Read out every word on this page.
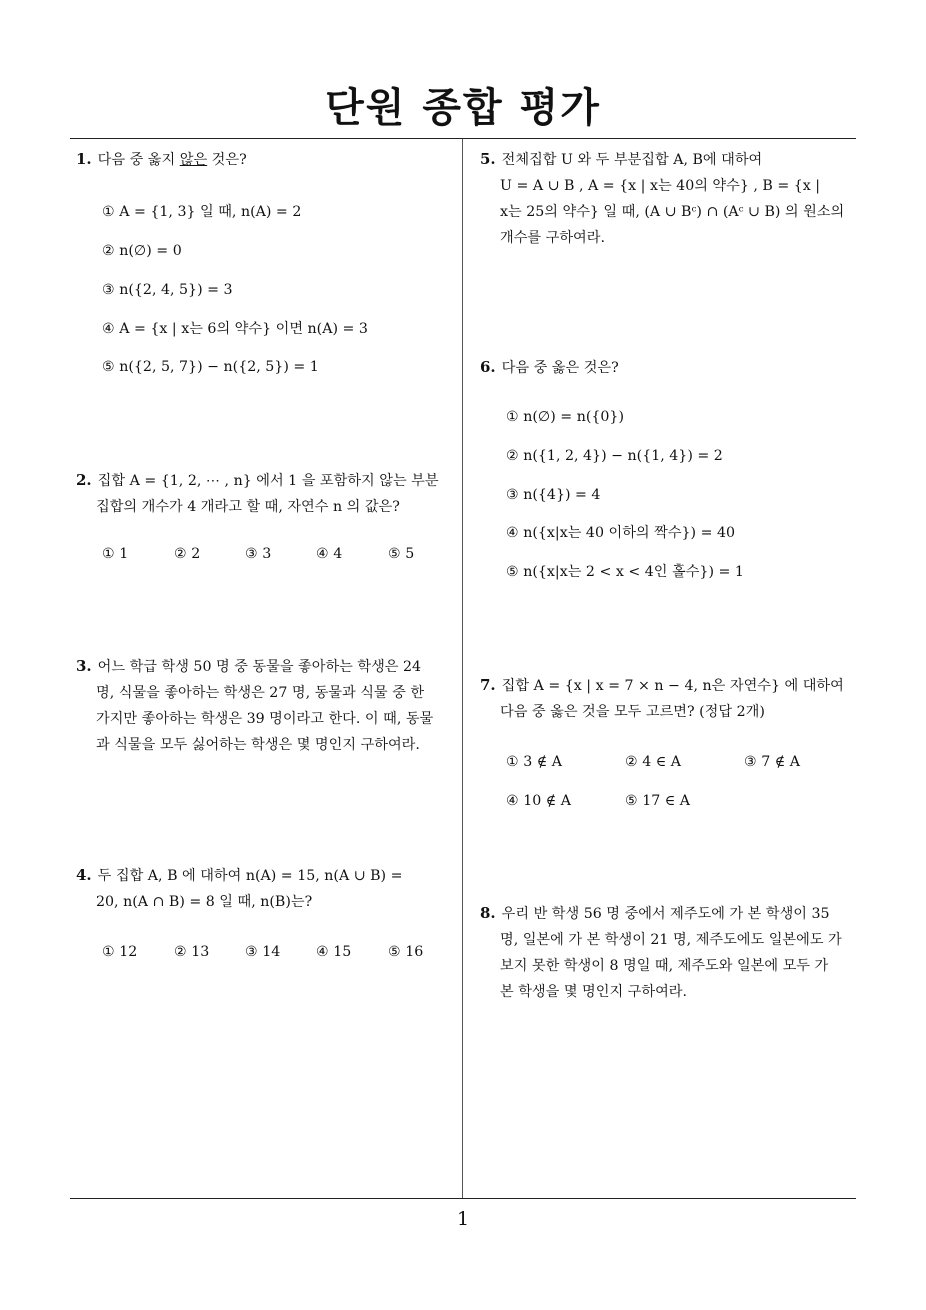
단원 종합 평가
1
1. 다음 중 옳지 않은 것은?
① A = {1, 3} 일 때, n(A) = 2
② n(∅) = 0
③ n({2, 4, 5}) = 3
④ A = {x | x는 6의 약수} 이면 n(A) = 3
⑤ n({2, 5, 7}) − n({2, 5}) = 1
2. 집합 A = {1, 2, ⋯ , n} 에서 1 을 포함하지 않는 부분
집합의 개수가 4 개라고 할 때, 자연수 n 의 값은?
① 1	② 2	③ 3	④ 4	⑤ 5
3. 어느 학급 학생 50 명 중 동물을 좋아하는 학생은 24
명, 식물을 좋아하는 학생은 27 명, 동물과 식물 중 한
가지만 좋아하는 학생은 39 명이라고 한다. 이 때, 동물
과 식물을 모두 싫어하는 학생은 몇 명인지 구하여라.
4. 두 집합 A, B 에 대하여 n(A) = 15, n(A ∪ B) =
20, n(A ∩ B) = 8 일 때, n(B)는?
① 12	② 13	③ 14	④ 15	⑤ 16
5. 전체집합 U 와 두 부분집합 A, B에 대하여
U = A ∪ B , A = {x | x는 40의 약수} , B = {x |
x는 25의 약수} 일 때, (A ∪ Bᶜ) ∩ (Aᶜ ∪ B) 의 원소의
개수를 구하여라.
6. 다음 중 옳은 것은?
① n(∅) = n({0})
② n({1, 2, 4}) − n({1, 4}) = 2
③ n({4}) = 4
④ n({x|x는 40 이하의 짝수}) = 40
⑤ n({x|x는 2 < x < 4인 홀수}) = 1
7. 집합 A = {x | x = 7 × n − 4, n은 자연수} 에 대하여
다음 중 옳은 것을 모두 고르면? (정답 2개)
① 3 ∉ A	② 4 ∈ A	③ 7 ∉ A
④ 10 ∉ A	⑤ 17 ∈ A
8. 우리 반 학생 56 명 중에서 제주도에 가 본 학생이 35
명, 일본에 가 본 학생이 21 명, 제주도에도 일본에도 가
보지 못한 학생이 8 명일 때, 제주도와 일본에 모두 가
본 학생을 몇 명인지 구하여라.
